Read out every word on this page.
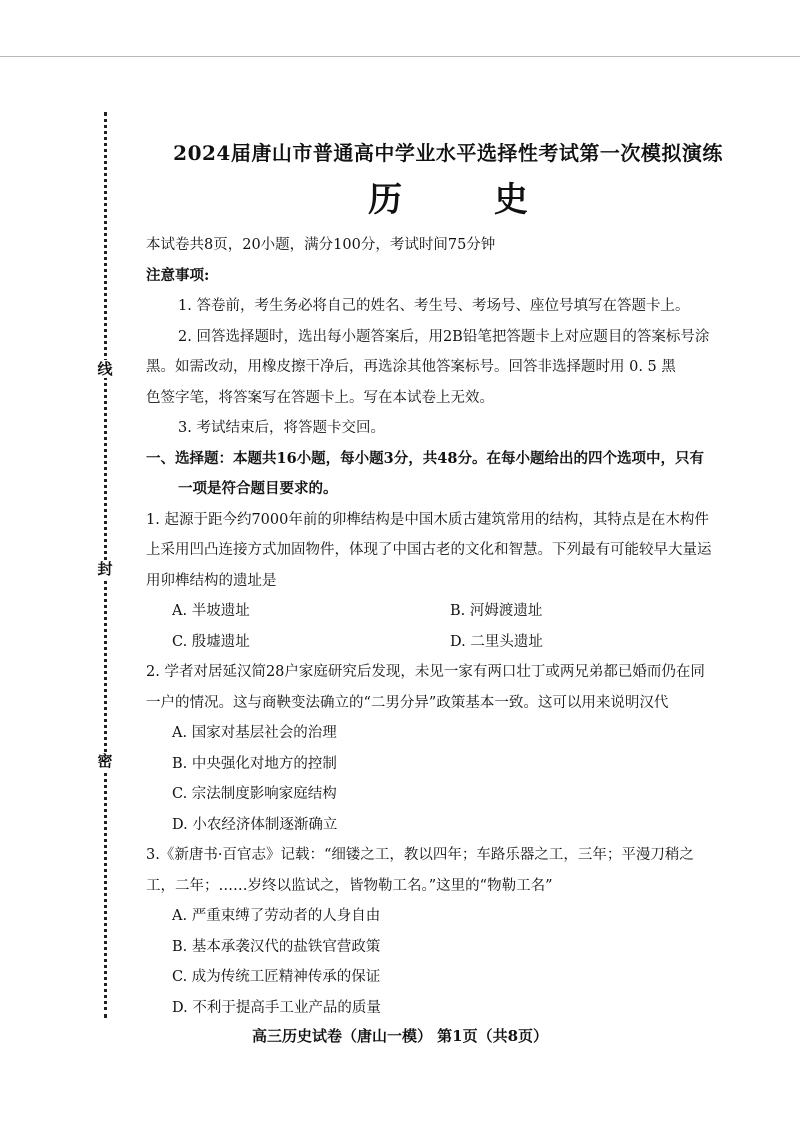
线
封
密
2024届唐山市普通高中学业水平选择性考试第一次模拟演练
历 史
本试卷共8页，20小题，满分100分，考试时间75分钟
注意事项:
1. 答卷前，考生务必将自己的姓名、考生号、考场号、座位号填写在答题卡上。
2. 回答选择题时，选出每小题答案后，用2B铅笔把答题卡上对应题目的答案标号涂
黑。如需改动，用橡皮擦干净后，再选涂其他答案标号。回答非选择题时用 0. 5 黑
色签字笔，将答案写在答题卡上。写在本试卷上无效。
3. 考试结束后，将答题卡交回。
一、选择题：本题共16小题，每小题3分，共48分。在每小题给出的四个选项中，只有
一项是符合题目要求的。
1. 起源于距今约7000年前的卯榫结构是中国木质古建筑常用的结构，其特点是在木构件
上采用凹凸连接方式加固物件，体现了中国古老的文化和智慧。下列最有可能较早大量运
用卯榫结构的遗址是
A. 半坡遗址	B. 河姆渡遗址
C. 殷墟遗址	D. 二里头遗址
2. 学者对居延汉简28户家庭研究后发现，未见一家有两口壮丁或两兄弟都已婚而仍在同
一户的情况。这与商鞅变法确立的“二男分异”政策基本一致。这可以用来说明汉代
A. 国家对基层社会的治理
B. 中央强化对地方的控制
C. 宗法制度影响家庭结构
D. 小农经济体制逐渐确立
3.《新唐书·百官志》记载：“细镂之工，教以四年；车路乐器之工，三年；平漫刀稍之
工，二年；……岁终以监试之，皆物勒工名。”这里的“物勒工名”
A. 严重束缚了劳动者的人身自由
B. 基本承袭汉代的盐铁官营政策
C. 成为传统工匠精神传承的保证
D. 不利于提高手工业产品的质量
高三历史试卷（唐山一模） 第1页（共8页）
